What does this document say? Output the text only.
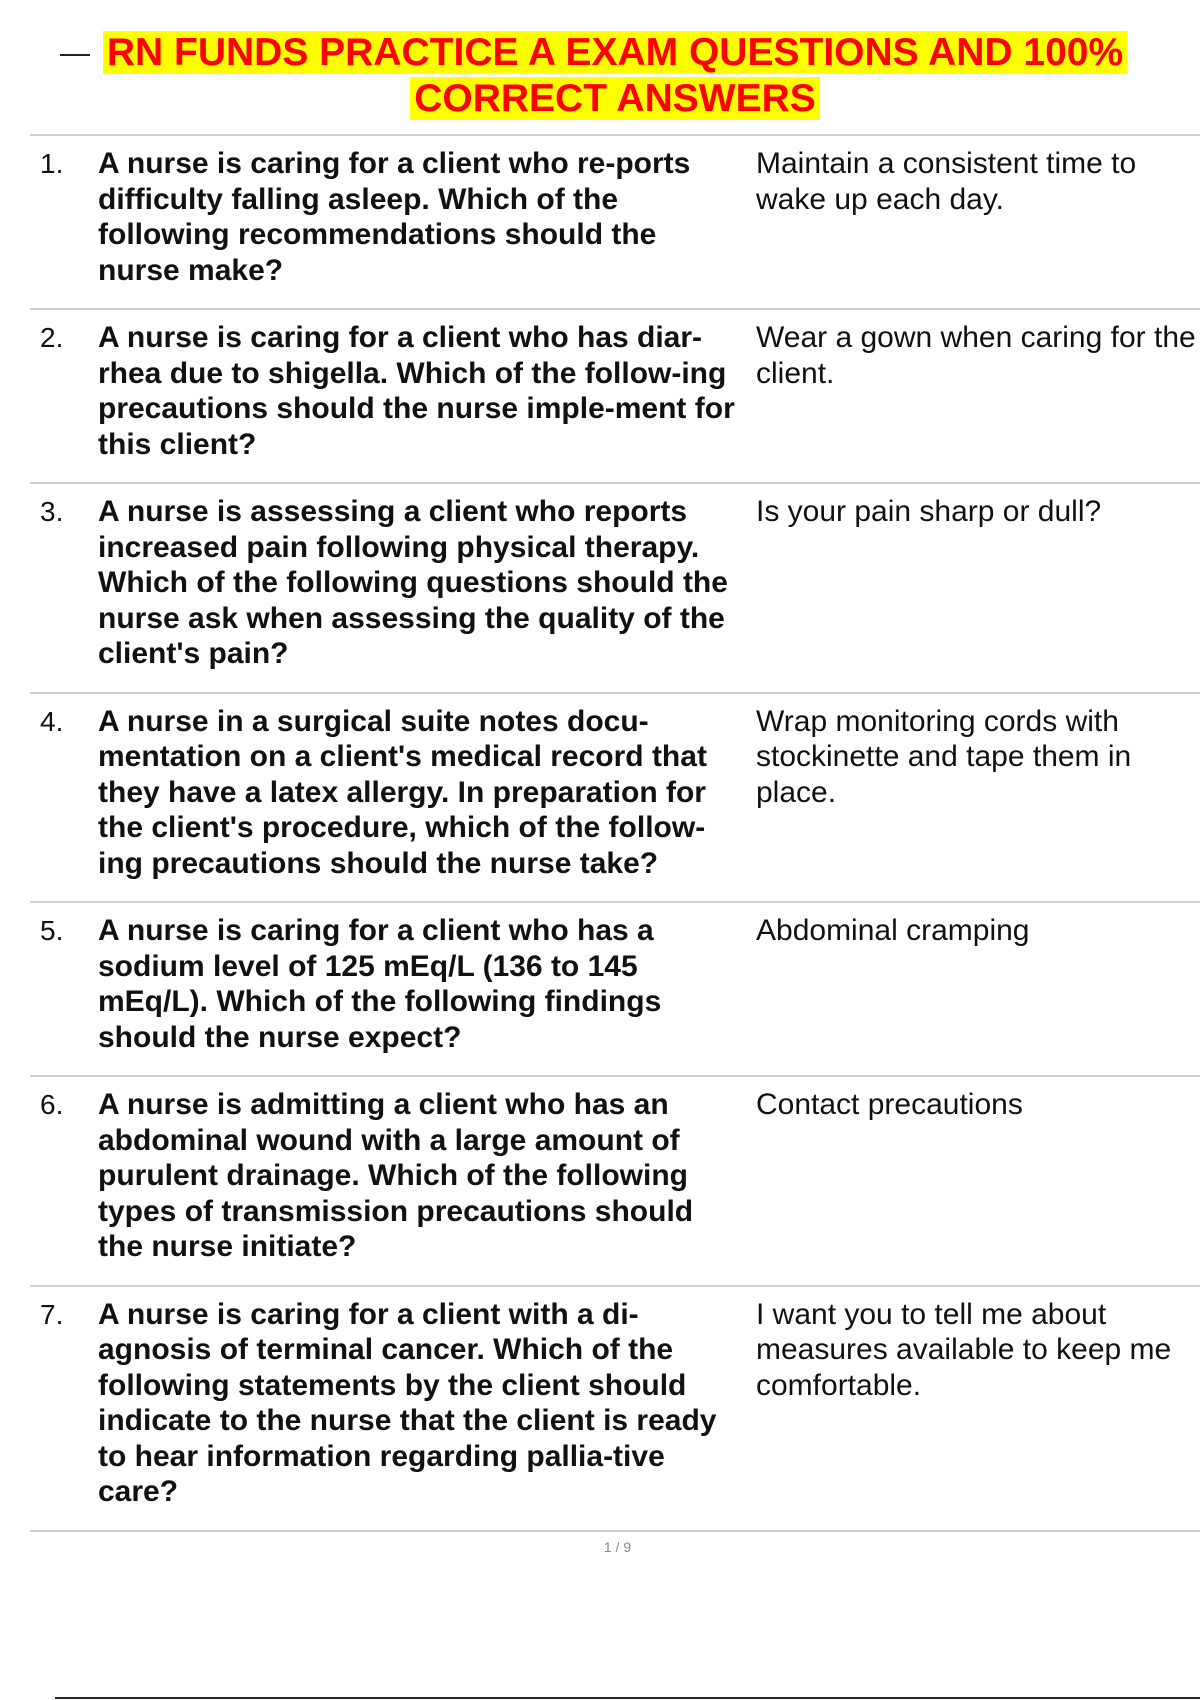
RN FUNDS PRACTICE A EXAM QUESTIONS AND 100% CORRECT ANSWERS
1.	A nurse is caring for a client who re-ports difficulty falling asleep. Which of the following recommendations should the nurse make?
Maintain a consistent time to wake up each day.
2.	A nurse is caring for a client who has diar-rhea due to shigella. Which of the follow-ing precautions should the nurse imple-ment for this client?
Wear a gown when caring for the client.
3.	A nurse is assessing a client who reports increased pain following physical therapy. Which of the following questions should the nurse ask when assessing the quality of the client's pain?
Is your pain sharp or dull?
4.	A nurse in a surgical suite notes docu-mentation on a client's medical record that they have a latex allergy. In preparation for the client's procedure, which of the follow-ing precautions should the nurse take?
Wrap monitoring cords with stockinette and tape them in place.
5.	A nurse is caring for a client who has a sodium level of 125 mEq/L (136 to 145 mEq/L). Which of the following findings should the nurse expect?
Abdominal cramping
6.	A nurse is admitting a client who has an abdominal wound with a large amount of purulent drainage. Which of the following types of transmission precautions should the nurse initiate?
Contact precautions
7.	A nurse is caring for a client with a di-agnosis of terminal cancer. Which of the following statements by the client should indicate to the nurse that the client is ready to hear information regarding pallia-tive care?
I want you to tell me about measures available to keep me comfortable.
1 / 9
